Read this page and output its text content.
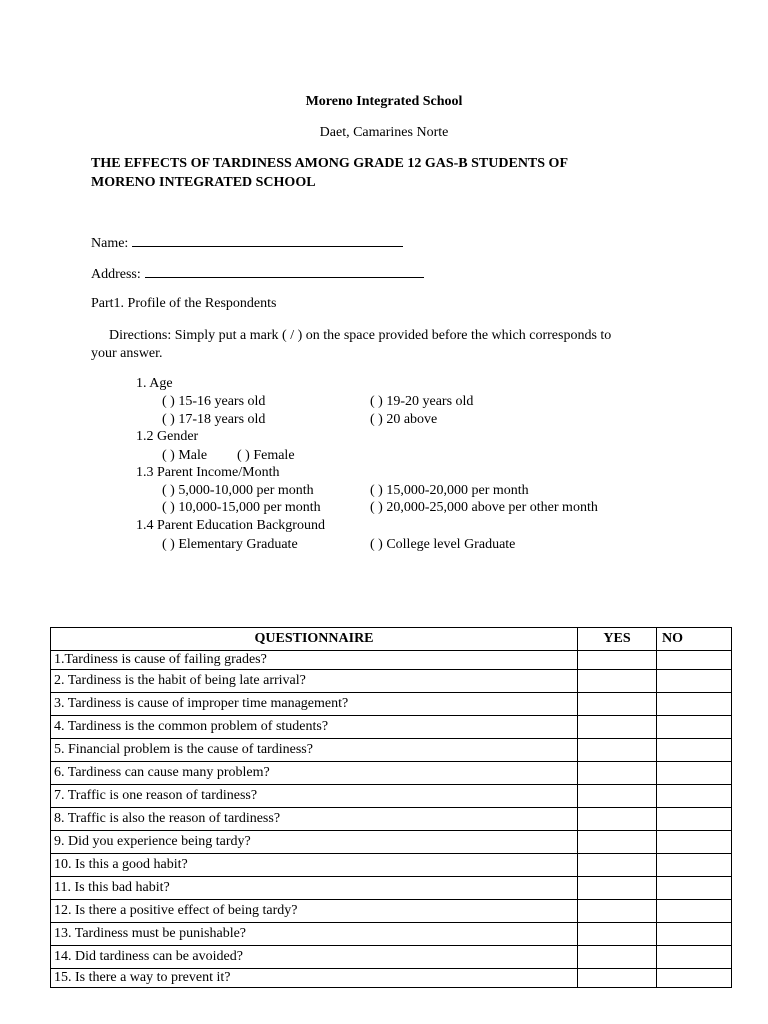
Moreno Integrated School
Daet, Camarines Norte
THE EFFECTS OF TARDINESS AMONG GRADE 12 GAS-B STUDENTS OF
MORENO INTEGRATED SCHOOL
Name:
Address:
Part1. Profile of the Respondents
Directions: Simply put a mark ( / ) on the space provided before the which corresponds to
your answer.
1. Age
( ) 15-16 years old	( ) 19-20 years old
( ) 17-18 years old	( ) 20 above
1.2 Gender
( ) Male ( ) Female
1.3 Parent Income/Month
( ) 5,000-10,000 per month	( ) 15,000-20,000 per month
( ) 10,000-15,000 per month	( ) 20,000-25,000 above per other month
1.4 Parent Education Background
( ) Elementary Graduate	( ) College level Graduate
QUESTIONNAIRE	YES	NO
1.Tardiness is cause of failing grades?		
2. Tardiness is the habit of being late arrival?		
3. Tardiness is cause of improper time management?		
4. Tardiness is the common problem of students?		
5. Financial problem is the cause of tardiness?		
6. Tardiness can cause many problem?		
7. Traffic is one reason of tardiness?		
8. Traffic is also the reason of tardiness?		
9. Did you experience being tardy?		
10. Is this a good habit?		
11. Is this bad habit?		
12. Is there a positive effect of being tardy?		
13. Tardiness must be punishable?		
14. Did tardiness can be avoided?		
15. Is there a way to prevent it?		
